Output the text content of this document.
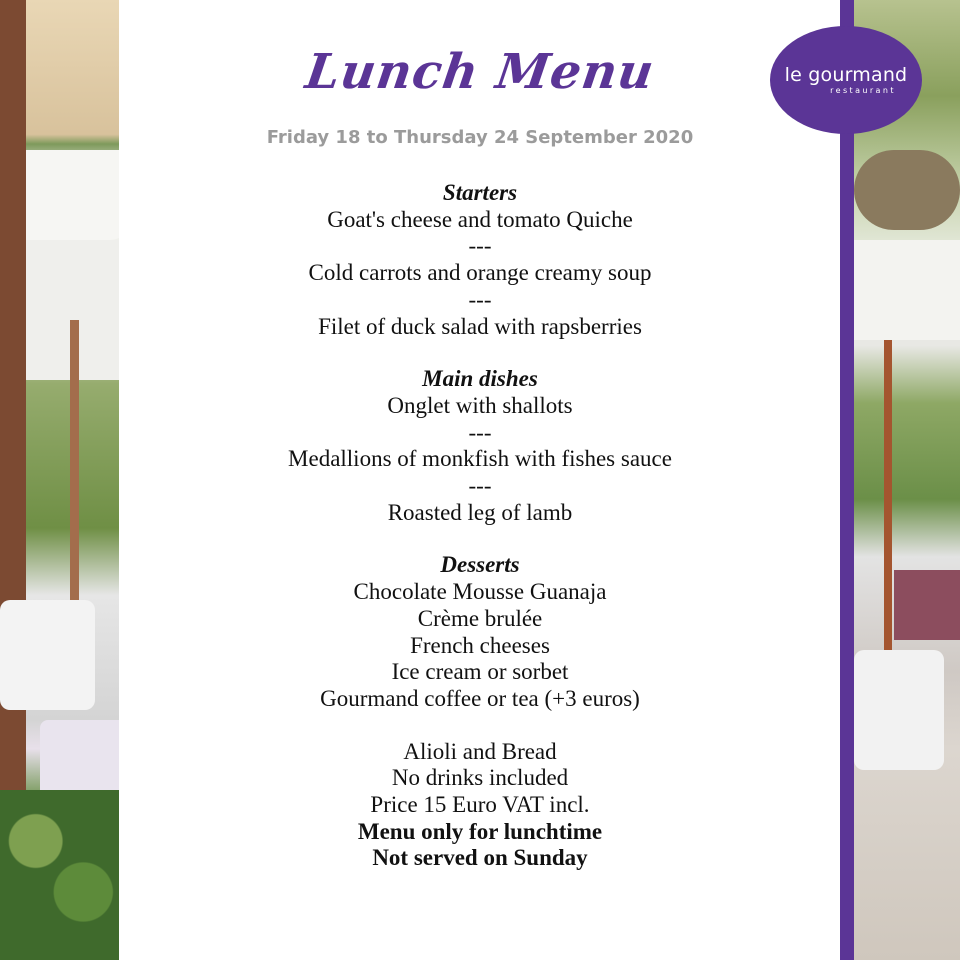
le gourmand
restaurant
Lunch Menu
Friday 18 to Thursday 24 September 2020
Starters
Goat's cheese and tomato Quiche
---
Cold carrots and orange creamy soup
---
Filet of duck salad with rapsberries
Main dishes
Onglet with shallots
---
Medallions of monkfish with fishes sauce
---
Roasted leg of lamb
Desserts
Chocolate Mousse Guanaja
Crème brulée
French cheeses
Ice cream or sorbet
Gourmand coffee or tea (+3 euros)
Alioli and Bread
No drinks included
Price 15 Euro VAT incl.
Menu only for lunchtime
Not served on Sunday
